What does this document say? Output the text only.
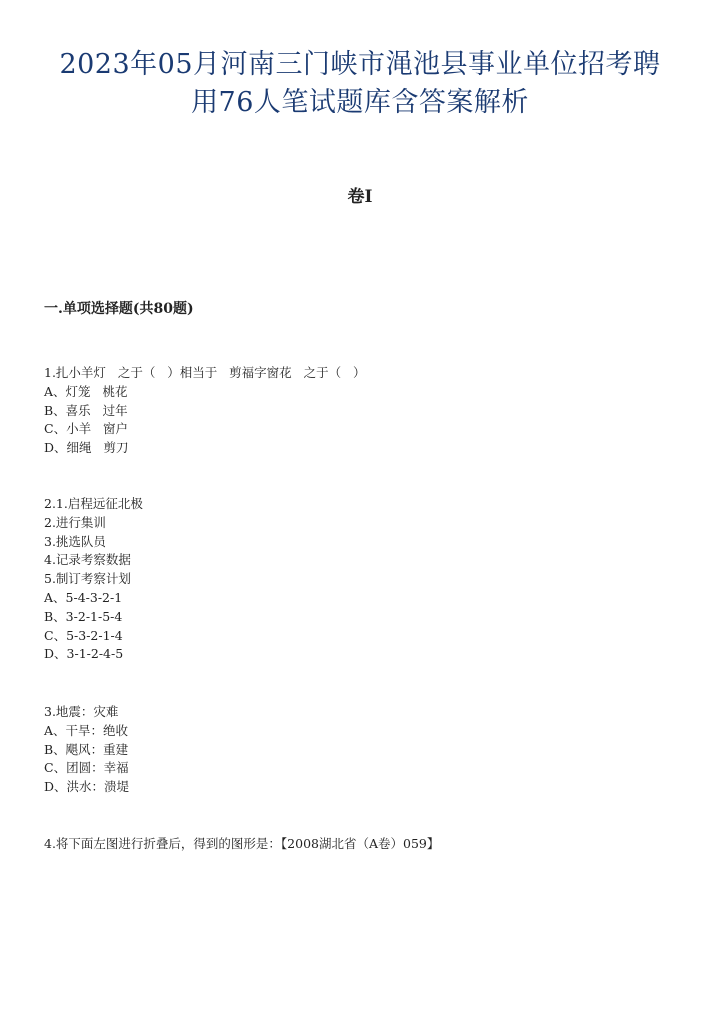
2023年05月河南三门峡市渑池县事业单位招考聘
用76人笔试题库含答案解析
卷I
一.单项选择题(共80题)
1.扎小羊灯   之于（   ）相当于   剪福字窗花   之于（   ）
A、灯笼   桃花
B、喜乐   过年
C、小羊   窗户
D、细绳   剪刀
2.1.启程远征北极
2.进行集训
3.挑选队员
4.记录考察数据
5.制订考察计划
A、5-4-3-2-1
B、3-2-1-5-4
C、5-3-2-1-4
D、3-1-2-4-5
3.地震：灾难
A、干旱：绝收
B、飓风：重建
C、团圆：幸福
D、洪水：溃堤
4.将下面左图进行折叠后，得到的图形是：【2008湖北省（A卷）059】
